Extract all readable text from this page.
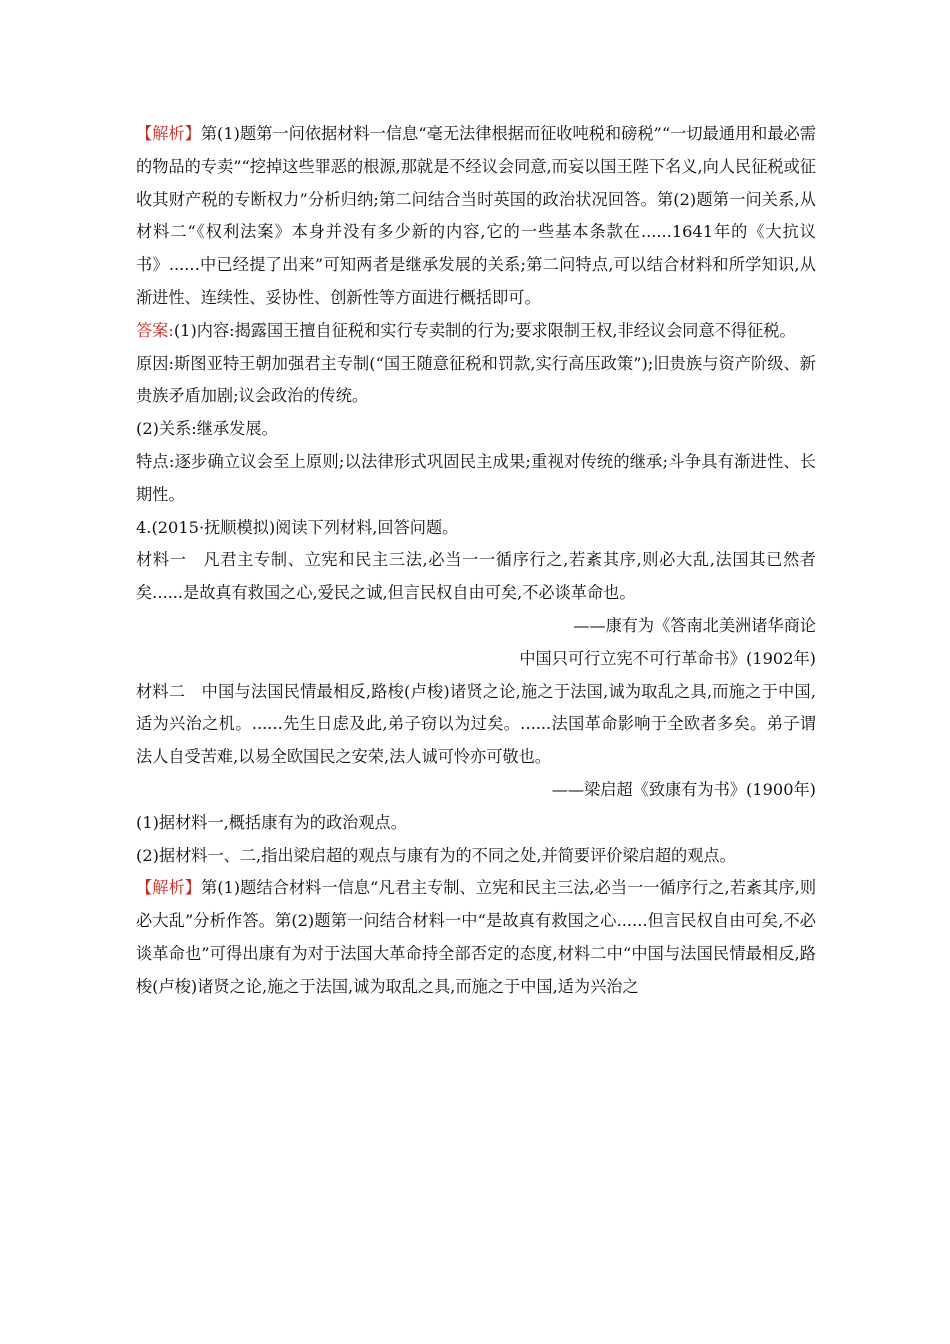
【解析】第(1)题第一问依据材料一信息“毫无法律根据而征收吨税和磅税”“一切最通用和最必需的物品的专卖”“挖掉这些罪恶的根源,那就是不经议会同意,而妄以国王陛下名义,向人民征税或征收其财产税的专断权力”分析归纳;第二问结合当时英国的政治状况回答。第(2)题第一问关系,从材料二“《权利法案》本身并没有多少新的内容,它的一些基本条款在......1641年的《大抗议书》......中已经提了出来”可知两者是继承发展的关系;第二问特点,可以结合材料和所学知识,从渐进性、连续性、妥协性、创新性等方面进行概括即可。

答案:(1)内容:揭露国王擅自征税和实行专卖制的行为;要求限制王权,非经议会同意不得征税。

原因:斯图亚特王朝加强君主专制(“国王随意征税和罚款,实行高压政策”);旧贵族与资产阶级、新贵族矛盾加剧;议会政治的传统。

(2)关系:继承发展。

特点:逐步确立议会至上原则;以法律形式巩固民主成果;重视对传统的继承;斗争具有渐进性、长期性。

4.(2015·抚顺模拟)阅读下列材料,回答问题。

材料一　凡君主专制、立宪和民主三法,必当一一循序行之,若紊其序,则必大乱,法国其已然者矣......是故真有救国之心,爱民之诚,但言民权自由可矣,不必谈革命也。

——康有为《答南北美洲诸华商论

中国只可行立宪不可行革命书》(1902年)

材料二　中国与法国民情最相反,路梭(卢梭)诸贤之论,施之于法国,诚为取乱之具,而施之于中国,适为兴治之机。......先生日虑及此,弟子窃以为过矣。......法国革命影响于全欧者多矣。弟子谓法人自受苦难,以易全欧国民之安荣,法人诚可怜亦可敬也。

——梁启超《致康有为书》(1900年)

(1)据材料一,概括康有为的政治观点。

(2)据材料一、二,指出梁启超的观点与康有为的不同之处,并简要评价梁启超的观点。

【解析】第(1)题结合材料一信息“凡君主专制、立宪和民主三法,必当一一循序行之,若紊其序,则必大乱”分析作答。第(2)题第一问结合材料一中“是故真有救国之心......但言民权自由可矣,不必谈革命也”可得出康有为对于法国大革命持全部否定的态度,材料二中“中国与法国民情最相反,路梭(卢梭)诸贤之论,施之于法国,诚为取乱之具,而施之于中国,适为兴治之
